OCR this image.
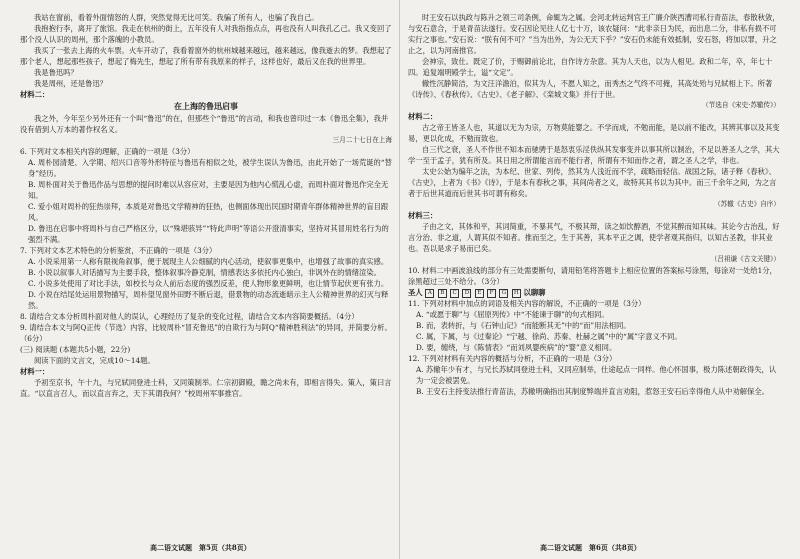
我站在窗前，看着外面情怒的人群，突然觉得无比可笑。我骗了所有人，也骗了我自己。

我抱抱行李，离开了旅馆。我走在杭州的街上，五年没有人对我指指点点，再也没有人叫我孔乙己。我又变回了那个没人认识的周州，那个落魄的小教员。

我买了一张去上海的火车票。火车开动了，我看着窗外的杭州城越来越远，越来越远，像我逝去的梦。我想起了那个老人，想起那些孩子，想起了梅先生，想起了所有带有我原来的样子，这样也好，最后又在我的世界里。

我是鲁迅吗？

我是周州，还是鲁迅？

材料二：

在上海的鲁迅启事

我之外，今年至少另外还有一个叫“鲁迅”的在，但那些个“鲁迅”的言动，和我也曾印过一本《鲁迅全集》，我并没有借到人万本的著作权名义。

三月二十七日在上海

6. 下列对文本相关内容的理解，正确的一项是（3分）

A. 周朴园清楚、入学期、绍兴口音等外形特征与鲁迅有相似之处，被学生误认为鲁迅，由此开始了一场荒诞的“替身”经历。

B. 周朴面对关于鲁迅作品与思想的提问时难以从容应对，主要是因为他内心慌乱心虚，而周朴面对鲁迅作完全无知。

C. 爱小姐对周朴的狂热崇拜，本质是对鲁迅文学精神的狂热，也侧面体现出民国时期青年群体精神世界的盲目跟风。

D. 鲁迅在启事中将周朴与自己严格区分，以“殊堪骇异”“特此声明”等语公开澄清事实，坚持对其冒用姓名行为的强烈不满。

7. 下列对文本艺术特色的分析鉴赏，不正确的一项是（3分）

A. 小说采用第一人称有限视角叙事，便于展现主人公细腻的内心活动，使叙事更集中，也增强了故事的真实感。

B. 小说以叙事人对话描写为主要手段，整体叙事冷静克制，情感表达多依托内心独白，非讽外在的情绪渲染。

C. 小说多处使用了对比手法，如校长与众人前后态度的强烈反差，使人物形象更鲜明，也让情节起伏更有张力。

D. 小说在结尾处运用景物描写，周朴望见窗外田野不断后退，借景物的动态流逝暗示主人公精神世界的幻灭与释然。

8. 请结合文本分析周朴面对他人的误认，心理经历了复杂的变化过程，请结合文本内容简要概括。（4分）

9. 请结合本文与阿Q正传（节选）内容，比较周朴“冒充鲁迅”的自欺行为与阿Q“精神胜利法”的异同，并简要分析。（6分）

(三) 阅读题 (本题共5小题，22分)

阅读下面的文言文，完成10～14题。

材料一：

予初至京书，午十九，与兄轼同登进士科，又同策制举。仁宗初御殿，瞻之尚未有，即相言得失。策入，策曰言直。“以直言召人，而以直言弃之，天下其谓我何？”校周州军事推官。

高二语文试题　第5页（共8页）

时王安石以执政与陈升之领三司条例，命辄为之属。会河北转运判官王广廉介陕西漕司私行青苗法，春散秋敛，与安石意合，于是青苗法遂行。安石因论见往人亿七十万，该农疑问：“此非亲日为民，而出息二分，非私有损不可实行之事也。”安石说：“朕有何不可？”当为出外，为公无天下乎？”安石仍未能有效抵制，安石怒，将加以罪，升之止之，以为河南推官。

会神宗，致仕。既定了价，于赐御前论北，自作诗方杂意。其为人天也，以为人相见。政和二年，卒，年七十四。追复端明殿学士，谥“文定”。

辙性沉静简洁，为文汪洋澹泊，似其为人，不愿人知之，而秀杰之气终不可掩，其高处殆与兄轼相上下。所著《诗传》、《春秋传》、《古史》、《老子解》、《栾城文集》并行于世。

（节选自《宋史·苏辙传》）

材料二：

古之帝王皆圣人也，其道以无为为宗，万物莫能婴之。不学而成，不勉而能，是以前不能改，其辨其事以及其变易，更以化成，不勉而致也。

自三代之衰，圣人不作世不知本而驰骋于是怒衷乐淫佚纵其发事变并以事其所以制治，不足以善圣人之学，其大学一至于孟子，犹有所及。其日用之所谓能言而不能行者，所谓有不知而作之者，谓之圣人之学，非也。

太史公始为编年之法，为本纪、世家、列传，然其为人浅近而不学，疏略而轻信。战国之际，诸子释《春秋》、《古史》，上者为《书》《诗》，于是本有春秋之事，其间尚者之义，故特其其书以为其中。而三千余年之间，为之言者于后世其道而后世其书可谓有称矣。

（苏辙《古史》自序）

材料三：

子由之文，其体和平，其词简重，不暴其气，不极其辩，读之如饮醇酒，不觉其醉而知其味。其论今古治乱，好言分治、非之道，人谓其似不知者。推而至之，生于其善，其本平正之调，使学者观其指归，以知古圣教，非其业也。吾以是求子易而已矣。

（吕祖谦《古文关键》）

10. 材料二中画波浪线的部分有三处需要断句，请用铅笔将答题卡上相应位置的答案标号涂黑，每涂对一处给1分，涂黑超过三处不给分。（3分）

圣人 A B C D E F G H 以聊聊

11. 下列对材料中加点的词语及相关内容的解说，不正确的一项是（3分）

A. “或愿于聊”与《屈原列传》中“不能谏于聊”的句式相同。

B. 而，表转折，与《石钟山记》“而能断其无”中的“而”用法相同。

C. 属，下属，与《过秦论》“宁越、徐尚、苏秦、杜赫之属”中的“属”字意义不同。

D. 要，缠绕，与《陈情表》“而刘夙婴疾病”的“婴”意义相同。

12. 下列对材料有关内容的概括与分析，不正确的一项是（3分）

A. 苏辙年少有才，与兄长苏轼同登进士科，又同应制举，仕途起点一同样。他心怀国事，极力陈述朝政得失，认为一定会被罢免。

B. 王安石主持变法推行青苗法，苏辙明确指出其制度弊端并直言劝阻，惹怒王安石后幸得他人从中劝解保全。

高二语文试题　第6页（共8页）
